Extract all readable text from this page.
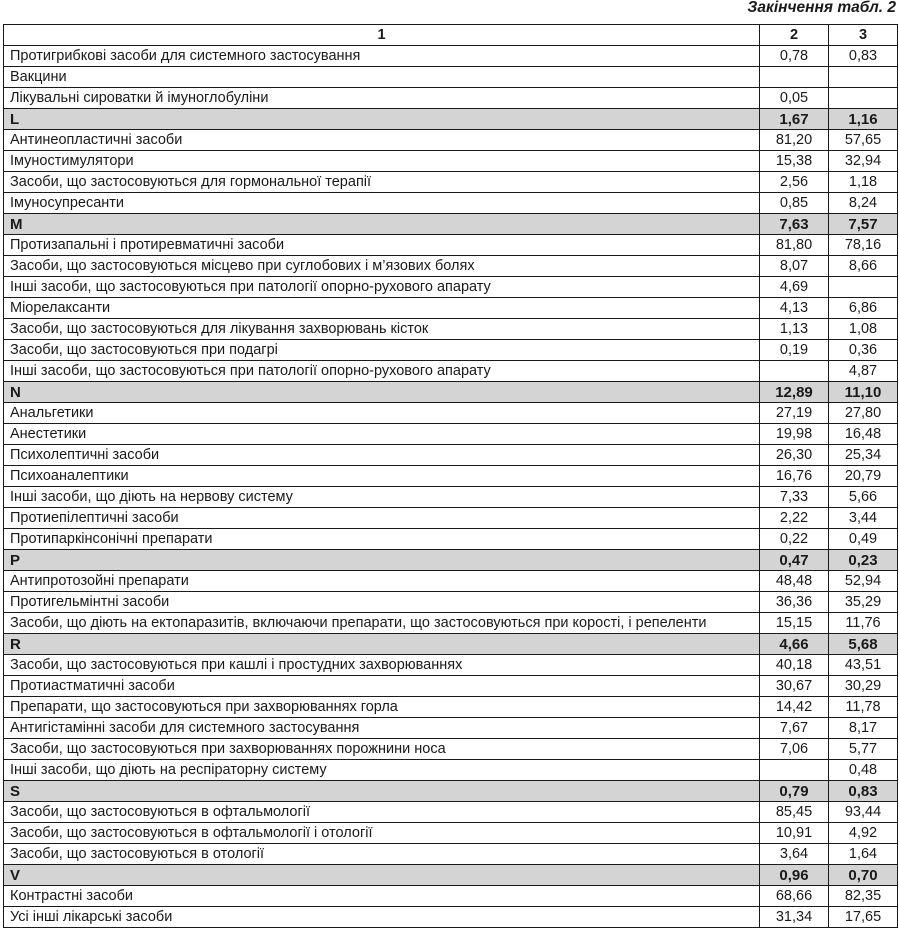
Закінчення табл. 2
1	2	3
Протигрибкові засоби для системного застосування	0,78	0,83
Вакцини		
Лікувальні сироватки й імуноглобуліни	0,05	
L	1,67	1,16
Антинеопластичні засоби	81,20	57,65
Імуностимулятори	15,38	32,94
Засоби, що застосовуються для гормональної терапії	2,56	1,18
Імуносупресанти	0,85	8,24
M	7,63	7,57
Протизапальні і протиревматичні засоби	81,80	78,16
Засоби, що застосовуються місцево при суглобових і м’язових болях	8,07	8,66
Інші засоби, що застосовуються при патології опорно-рухового апарату	4,69	
Міорелаксанти	4,13	6,86
Засоби, що застосовуються для лікування захворювань кісток	1,13	1,08
Засоби, що застосовуються при подагрі	0,19	0,36
Інші засоби, що застосовуються при патології опорно-рухового апарату		4,87
N	12,89	11,10
Анальгетики	27,19	27,80
Анестетики	19,98	16,48
Психолептичні засоби	26,30	25,34
Психоаналептики	16,76	20,79
Інші засоби, що діють на нервову систему	7,33	5,66
Протиепілептичні засоби	2,22	3,44
Протипаркінсонічні препарати	0,22	0,49
P	0,47	0,23
Антипротозойні препарати	48,48	52,94
Протигельмінтні засоби	36,36	35,29
Засоби, що діють на ектопаразитів, включаючи препарати, що застосовуються при короcті, і репеленти	15,15	11,76
R	4,66	5,68
Засоби, що застосовуються при кашлі і простудних захворюваннях	40,18	43,51
Протиастматичні засоби	30,67	30,29
Препарати, що застосовуються при захворюваннях горла	14,42	11,78
Антигістамінні засоби для системного застосування	7,67	8,17
Засоби, що застосовуються при захворюваннях порожнини носа	7,06	5,77
Інші засоби, що діють на респіраторну систему		0,48
S	0,79	0,83
Засоби, що застосовуються в офтальмології	85,45	93,44
Засоби, що застосовуються в офтальмології і отології	10,91	4,92
Засоби, що застосовуються в отології	3,64	1,64
V	0,96	0,70
Контрастні засоби	68,66	82,35
Усі інші лікарські засоби	31,34	17,65
